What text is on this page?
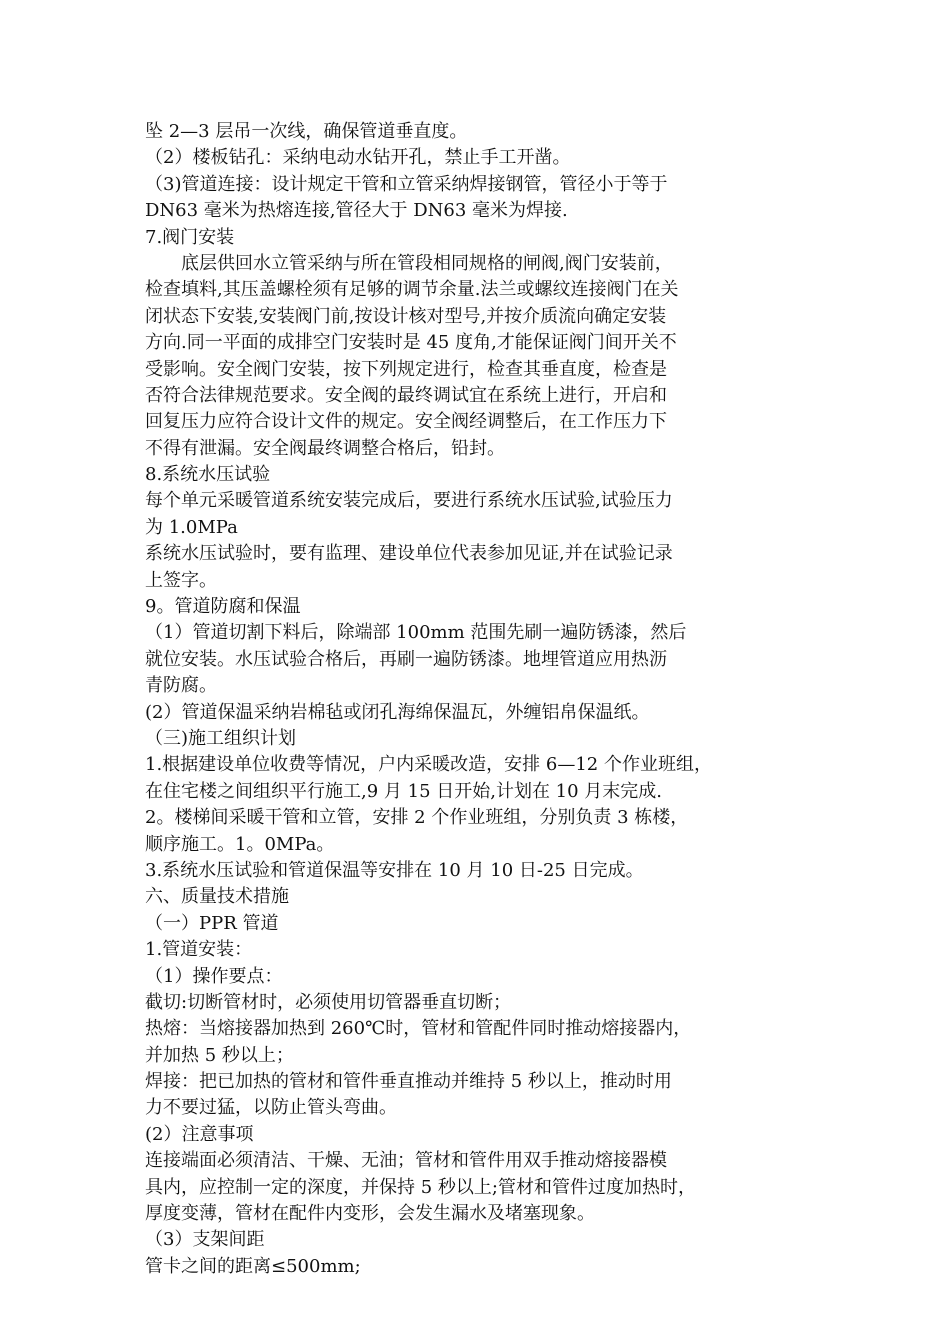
坠 2—3 层吊一次线，确保管道垂直度。
（2）楼板钻孔：采纳电动水钻开孔，禁止手工开凿。
（3)管道连接：设计规定干管和立管采纳焊接钢管，管径小于等于
DN63 毫米为热熔连接,管径大于 DN63 毫米为焊接.
7.阀门安装
底层供回水立管采纳与所在管段相同规格的闸阀,阀门安装前，
检查填料,其压盖螺栓须有足够的调节余量.法兰或螺纹连接阀门在关
闭状态下安装,安装阀门前,按设计核对型号,并按介质流向确定安装
方向.同一平面的成排空门安装时是 45 度角,才能保证阀门间开关不
受影响。安全阀门安装，按下列规定进行，检查其垂直度，检查是
否符合法律规范要求。安全阀的最终调试宜在系统上进行，开启和
回复压力应符合设计文件的规定。安全阀经调整后，在工作压力下
不得有泄漏。安全阀最终调整合格后，铅封。
8.系统水压试验
每个单元采暖管道系统安装完成后，要进行系统水压试验,试验压力
为 1.0MPa
系统水压试验时，要有监理、建设单位代表参加见证,并在试验记录
上签字。
9。管道防腐和保温
（1）管道切割下料后，除端部 100mm 范围先刷一遍防锈漆，然后
就位安装。水压试验合格后，再刷一遍防锈漆。地埋管道应用热沥
青防腐。
(2）管道保温采纳岩棉毡或闭孔海绵保温瓦，外缠铝帛保温纸。
（三)施工组织计划
1.根据建设单位收费等情况，户内采暖改造，安排 6—12 个作业班组，
在住宅楼之间组织平行施工,9 月 15 日开始,计划在 10 月末完成.
2。楼梯间采暖干管和立管，安排 2 个作业班组，分别负责 3 栋楼，
顺序施工。1。0MPa。
3.系统水压试验和管道保温等安排在 10 月 10 日-25 日完成。
六、质量技术措施
（一）PPR 管道
1.管道安装：
（1）操作要点：
截切:切断管材时，必须使用切管器垂直切断；
热熔：当熔接器加热到 260℃时，管材和管配件同时推动熔接器内，
并加热 5 秒以上；
焊接：把已加热的管材和管件垂直推动并维持 5 秒以上，推动时用
力不要过猛，以防止管头弯曲。
(2）注意事项
连接端面必须清洁、干燥、无油；管材和管件用双手推动熔接器模
具内，应控制一定的深度，并保持 5 秒以上;管材和管件过度加热时，
厚度变薄，管材在配件内变形，会发生漏水及堵塞现象。
（3）支架间距
管卡之间的距离≤500mm;
